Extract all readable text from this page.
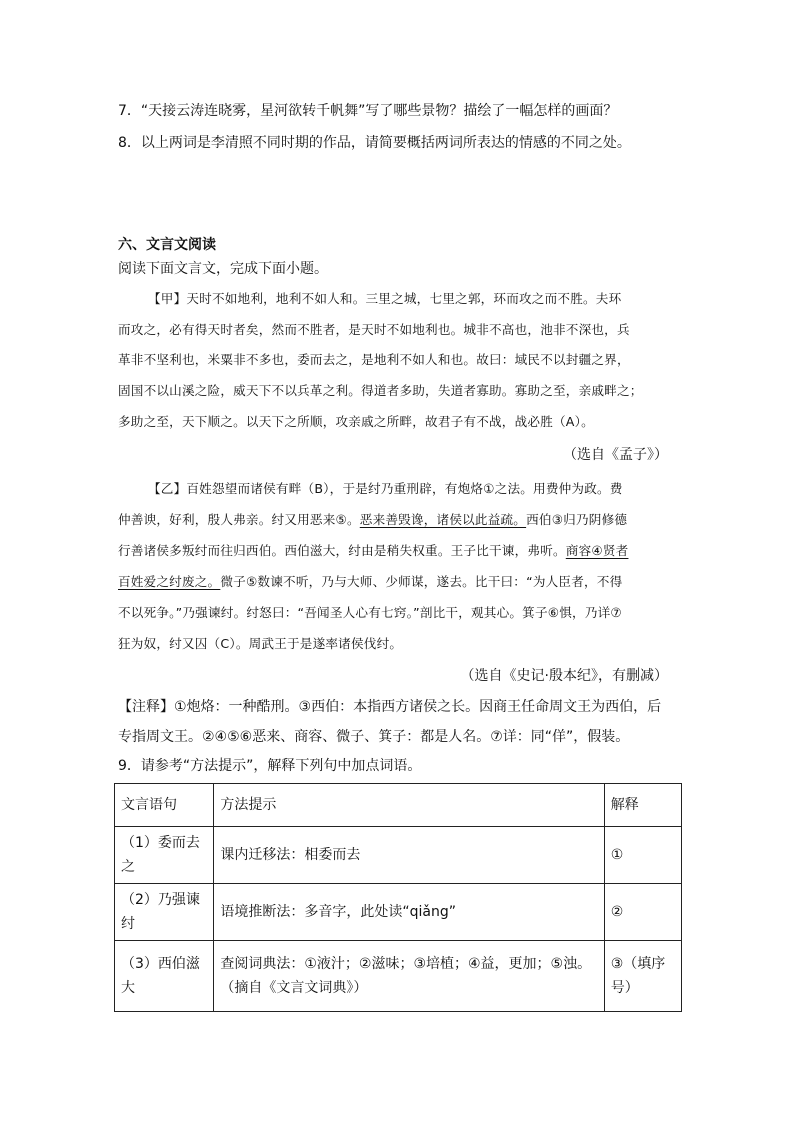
7．“天接云涛连晓雾，星河欲转千帆舞”写了哪些景物？描绘了一幅怎样的画面？
8．以上两词是李清照不同时期的作品，请简要概括两词所表达的情感的不同之处。
六、文言文阅读
阅读下面文言文，完成下面小题。
【甲】天时不如地利，地利不如人和。三里之城，七里之郭，环而攻之而不胜。夫环
而攻之，必有得天时者矣，然而不胜者，是天时不如地利也。城非不高也，池非不深也，兵
革非不坚利也，米粟非不多也，委而去之，是地利不如人和也。故曰：域民不以封疆之界，
固国不以山溪之险，威天下不以兵革之利。得道者多助，失道者寡助。寡助之至，亲戚畔之；
多助之至，天下顺之。以天下之所顺，攻亲戚之所畔，故君子有不战，战必胜（A）。
（选自《孟子》）
【乙】百姓怨望而诸侯有畔（B），于是纣乃重刑辟，有炮烙①之法。用费仲为政。费
仲善谀，好利，殷人弗亲。纣又用恶来⑤。恶来善毁谗，诸侯以此益疏。西伯③归乃阴修德
行善诸侯多叛纣而往归西伯。西伯滋大，纣由是稍失权重。王子比干谏，弗听。商容④贤者
百姓爱之纣废之。微子⑤数谏不听，乃与大师、少师谋，遂去。比干曰：“为人臣者，不得
不以死争。”乃强谏纣。纣怒曰：“吾闻圣人心有七窍。”剖比干，观其心。箕子⑥惧，乃详⑦
狂为奴，纣又囚（C）。周武王于是遂率诸侯伐纣。
（选自《史记·殷本纪》，有删减）
【注释】①炮烙：一种酷刑。③西伯：本指西方诸侯之长。因商王任命周文王为西伯，后
专指周文王。②④⑤⑥恶来、商容、微子、箕子：都是人名。⑦详：同“佯”，假装。
9．请参考“方法提示”，解释下列句中加点词语。
文言语句	方法提示	解释
（1）委而去之	课内迁移法：相委而去	①
（2）乃强谏纣	语境推断法：多音字，此处读“qiǎng”	②
（3）西伯滋大	查阅词典法：①液汁；②滋味；③培植；④益，更加；⑤浊。（摘自《文言文词典》）	③（填序号）
